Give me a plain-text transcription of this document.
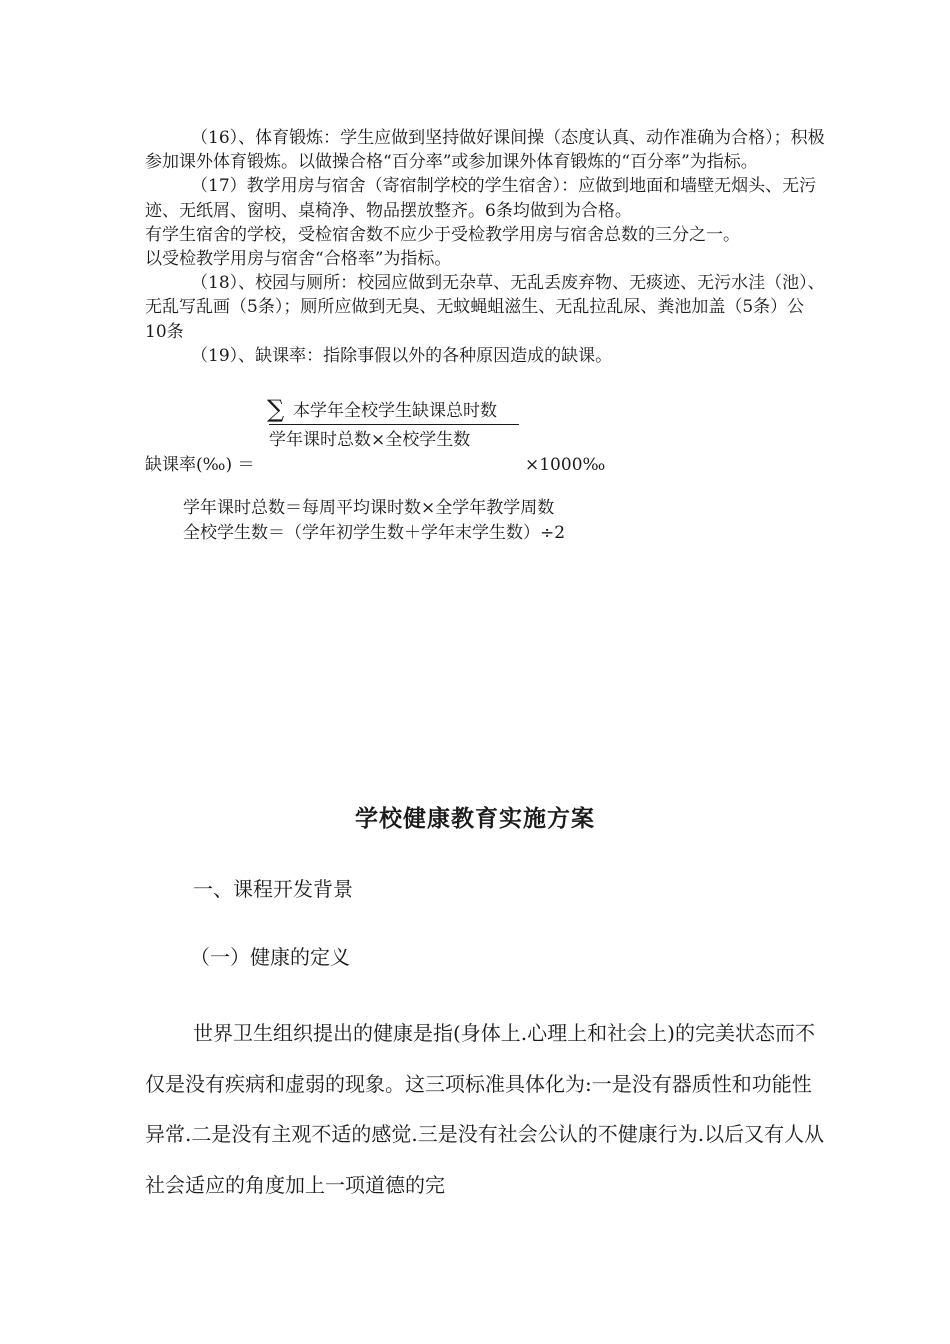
（16）、体育锻炼：学生应做到坚持做好课间操（态度认真、动作准确为合格）；积极参加课外体育锻炼。以做操合格“百分率”或参加课外体育锻炼的“百分率”为指标。

（17）教学用房与宿舍（寄宿制学校的学生宿舍）：应做到地面和墙壁无烟头、无污迹、无纸屑、窗明、桌椅净、物品摆放整齐。6条均做到为合格。

有学生宿舍的学校，受检宿舍数不应少于受检教学用房与宿舍总数的三分之一。

以受检教学用房与宿舍“合格率”为指标。

（18）、校园与厕所：校园应做到无杂草、无乱丢废弃物、无痰迹、无污水洼（池）、无乱写乱画（5条）；厕所应做到无臭、无蚊蝇蛆滋生、无乱拉乱尿、粪池加盖（5条）公10条

（19）、缺课率：指除事假以外的各种原因造成的缺课。

∑ 本学年全校学生缺课总时数
学年课时总数×全校学生数
缺课率(‰) ＝	×1000‰

学年课时总数＝每周平均课时数×全学年教学周数

全校学生数＝（学年初学生数＋学年末学生数）÷2

学校健康教育实施方案
一、课程开发背景
（一）健康的定义

世界卫生组织提出的健康是指(身体上.心理上和社会上)的完美状态而不仅是没有疾病和虚弱的现象。这三项标准具体化为:一是没有器质性和功能性异常.二是没有主观不适的感觉.三是没有社会公认的不健康行为.以后又有人从社会适应的角度加上一项道德的完
